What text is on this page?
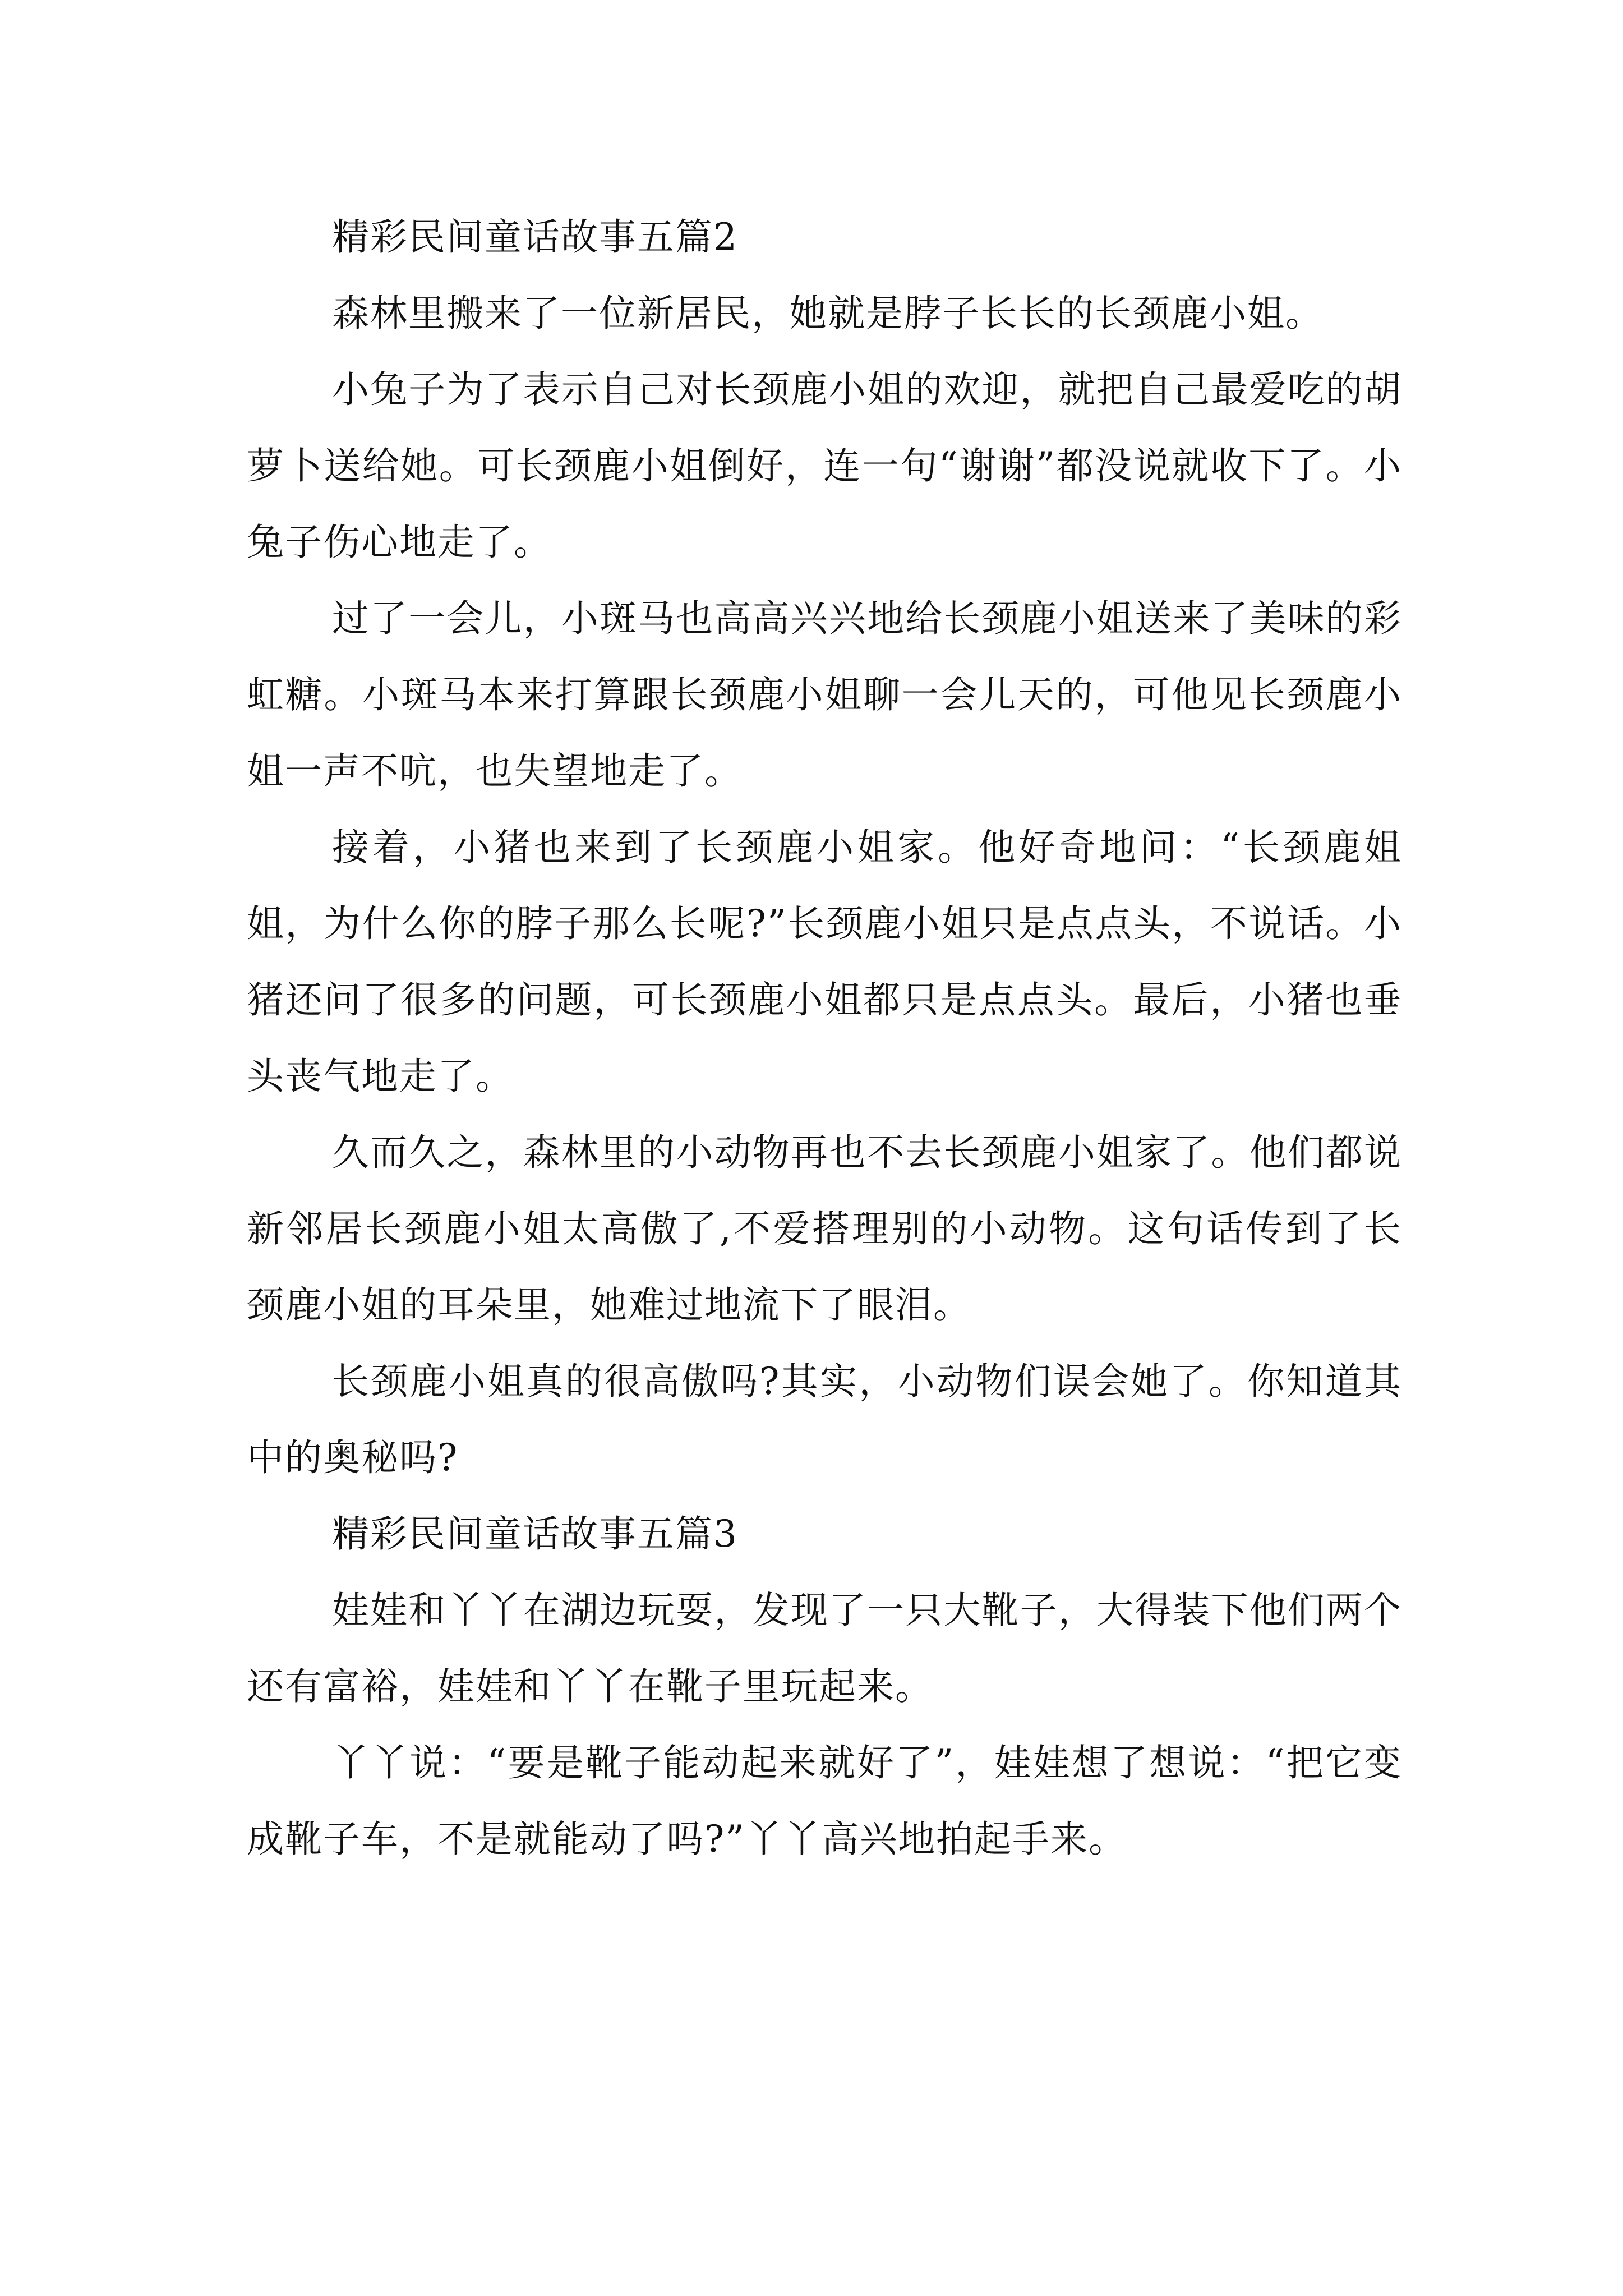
精彩民间童话故事五篇2

森林里搬来了一位新居民，她就是脖子长长的长颈鹿小姐。

小兔子为了表示自己对长颈鹿小姐的欢迎，就把自己最爱吃的胡萝卜送给她。可长颈鹿小姐倒好，连一句“谢谢”都没说就收下了。小兔子伤心地走了。

过了一会儿，小斑马也高高兴兴地给长颈鹿小姐送来了美味的彩虹糖。小斑马本来打算跟长颈鹿小姐聊一会儿天的，可他见长颈鹿小姐一声不吭，也失望地走了。

接着，小猪也来到了长颈鹿小姐家。他好奇地问：“长颈鹿姐姐，为什么你的脖子那么长呢?”长颈鹿小姐只是点点头，不说话。小猪还问了很多的问题，可长颈鹿小姐都只是点点头。最后，小猪也垂头丧气地走了。

久而久之，森林里的小动物再也不去长颈鹿小姐家了。他们都说新邻居长颈鹿小姐太高傲了,不爱搭理别的小动物。这句话传到了长颈鹿小姐的耳朵里，她难过地流下了眼泪。

长颈鹿小姐真的很高傲吗?其实，小动物们误会她了。你知道其中的奥秘吗?

精彩民间童话故事五篇3

娃娃和丫丫在湖边玩耍，发现了一只大靴子，大得装下他们两个还有富裕，娃娃和丫丫在靴子里玩起来。

丫丫说：“要是靴子能动起来就好了”，娃娃想了想说：“把它变成靴子车，不是就能动了吗?”丫丫高兴地拍起手来。
